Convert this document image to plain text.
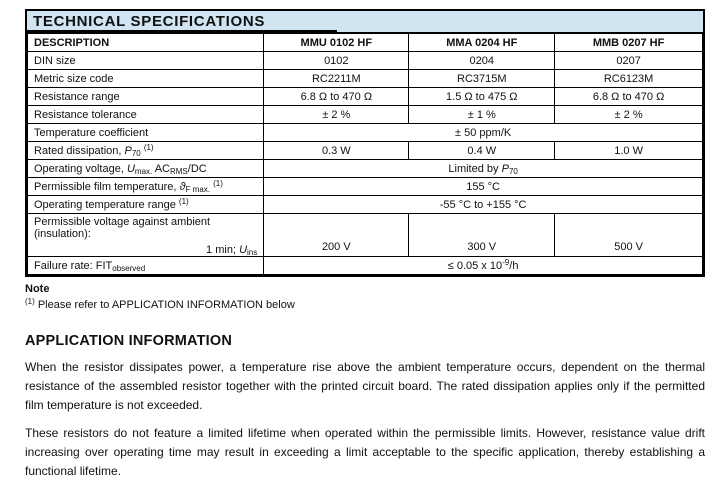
TECHNICAL SPECIFICATIONS
DESCRIPTION	MMU 0102 HF	MMA 0204 HF	MMB 0207 HF
DIN size	0102	0204	0207
Metric size code	RC2211M	RC3715M	RC6123M
Resistance range	6.8 Ω to 470 Ω	1.5 Ω to 475 Ω	6.8 Ω to 470 Ω
Resistance tolerance	± 2 %	± 1 %	± 2 %
Temperature coefficient	± 50 ppm/K		
Rated dissipation, $P_{70}$ $^{(1)}$	0.3 W	0.4 W	1.0 W
Operating voltage, $U_{max.}$ $AC_{RMS}/DC$	Limited by $P_{70}$
Permissible film temperature, $ϑ_{F max.}$ $^{(1)}$	155 °C		
Operating temperature range $^{(1)}$	-55 °C to +155 °C		

Permissible voltage against ambient (insulation):
1 min; $U_{ins}$	200 V	300 V	500 V
Failure rate: $FIT_{observed}$	≤ 0.05 x $10^{-9}/h$		
Note
$^{(1)}$ Please refer to APPLICATION INFORMATION below
APPLICATION INFORMATION

When the resistor dissipates power, a temperature rise above the ambient temperature occurs, dependent on the thermal resistance of the assembled resistor together with the printed circuit board. The rated dissipation applies only if the permitted film temperature is not exceeded.

These resistors do not feature a limited lifetime when operated within the permissible limits. However, resistance value drift increasing over operating time may result in exceeding a limit acceptable to the specific application, thereby establishing a functional lifetime.
